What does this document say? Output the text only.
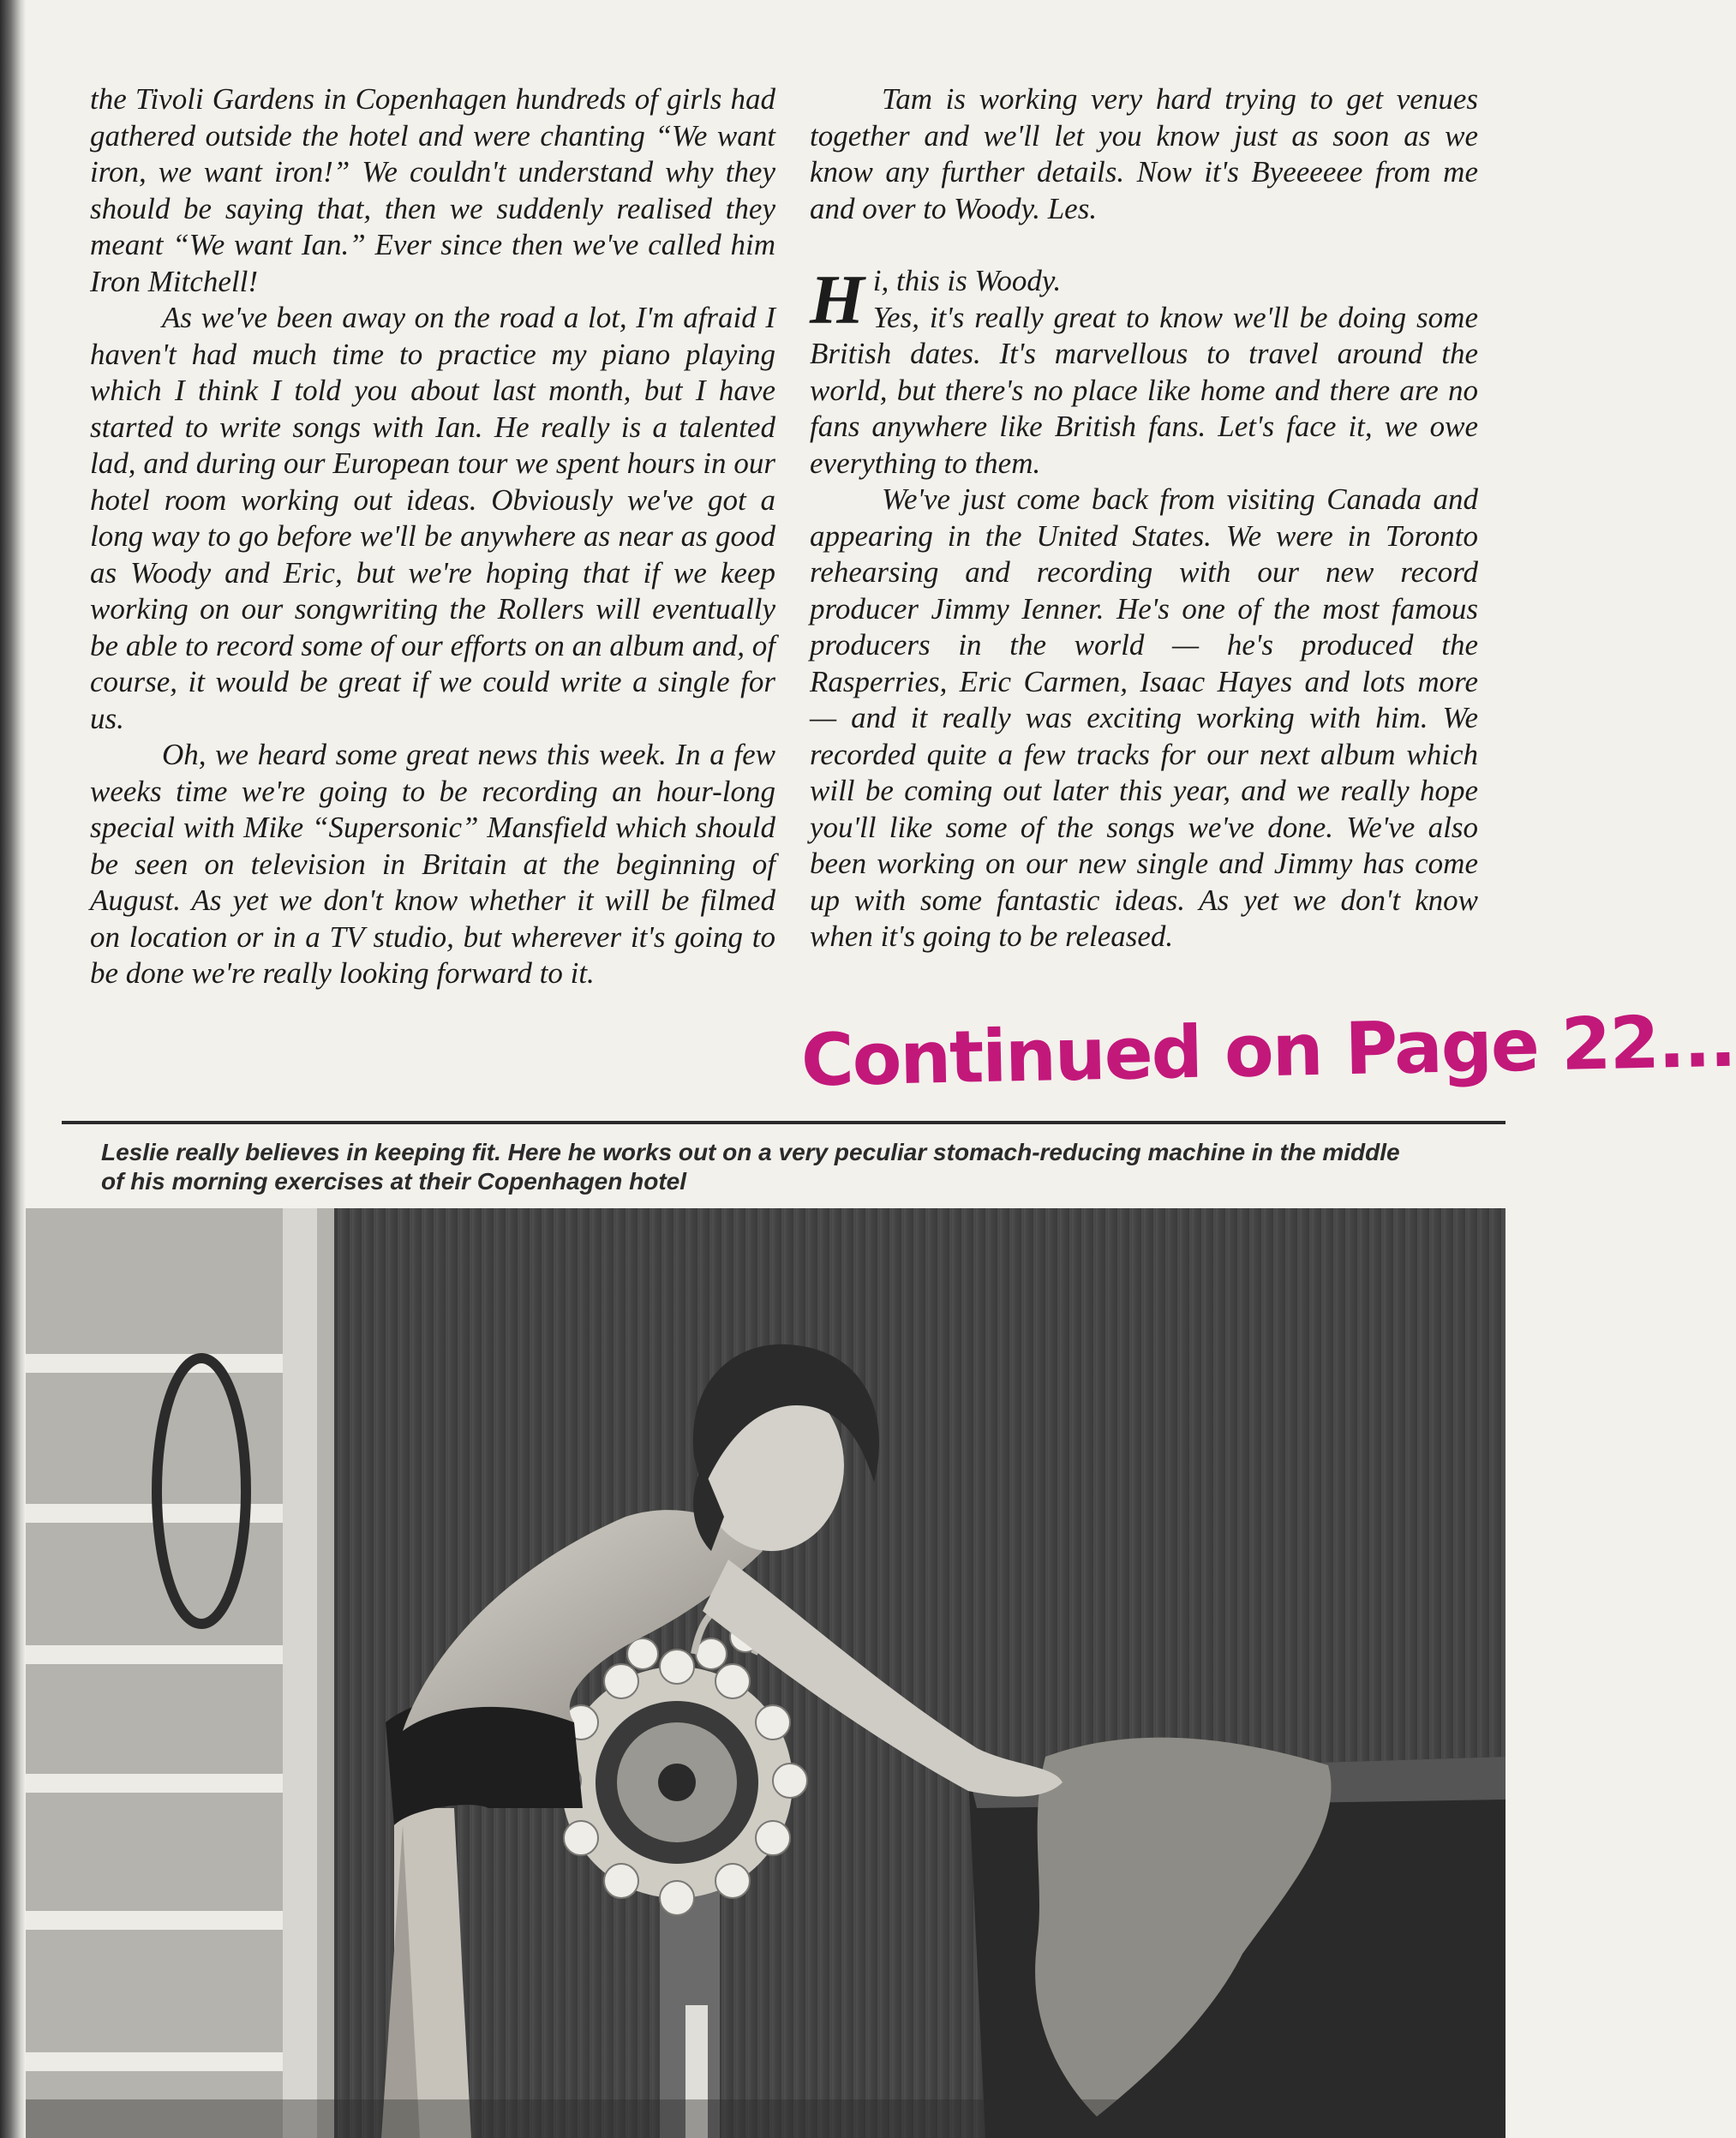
the Tivoli Gardens in Copenhagen hundreds of girls had gathered outside the hotel and were chanting “We want iron, we want iron!” We couldn't understand why they should be saying that, then we suddenly realised they meant “We want Ian.” Ever since then we've called him Iron Mitchell!

As we've been away on the road a lot, I'm afraid I haven't had much time to practice my piano playing which I think I told you about last month, but I have started to write songs with Ian. He really is a talented lad, and during our European tour we spent hours in our hotel room working out ideas. Obviously we've got a long way to go before we'll be anywhere as near as good as Woody and Eric, but we're hoping that if we keep working on our songwriting the Rollers will eventually be able to record some of our efforts on an album and, of course, it would be great if we could write a single for us.

Oh, we heard some great news this week. In a few weeks time we're going to be recording an hour-long special with Mike “Supersonic” Mansfield which should be seen on television in Britain at the beginning of August. As yet we don't know whether it will be filmed on location or in a TV studio, but wherever it's going to be done we're really looking forward to it.

Tam is working very hard trying to get venues together and we'll let you know just as soon as we know any further details. Now it's Byeeeeee from me and over to Woody. Les.

H i, this is Woody.
Yes, it's really great to know we'll be doing some British dates. It's marvellous to travel around the world, but there's no place like home and there are no fans anywhere like British fans. Let's face it, we owe everything to them.

We've just come back from visiting Canada and appearing in the United States. We were in Toronto rehearsing and recording with our new record producer Jimmy Ienner. He's one of the most famous producers in the world — he's produced the Rasperries, Eric Carmen, Isaac Hayes and lots more — and it really was exciting working with him. We recorded quite a few tracks for our next album which will be coming out later this year, and we really hope you'll like some of the songs we've done. We've also been working on our new single and Jimmy has come up with some fantastic ideas. As yet we don't know when it's going to be released.

Continued on Page 22...
Leslie really believes in keeping fit. Here he works out on a very peculiar stomach-reducing machine in the middle of his morning exercises at their Copenhagen hotel
